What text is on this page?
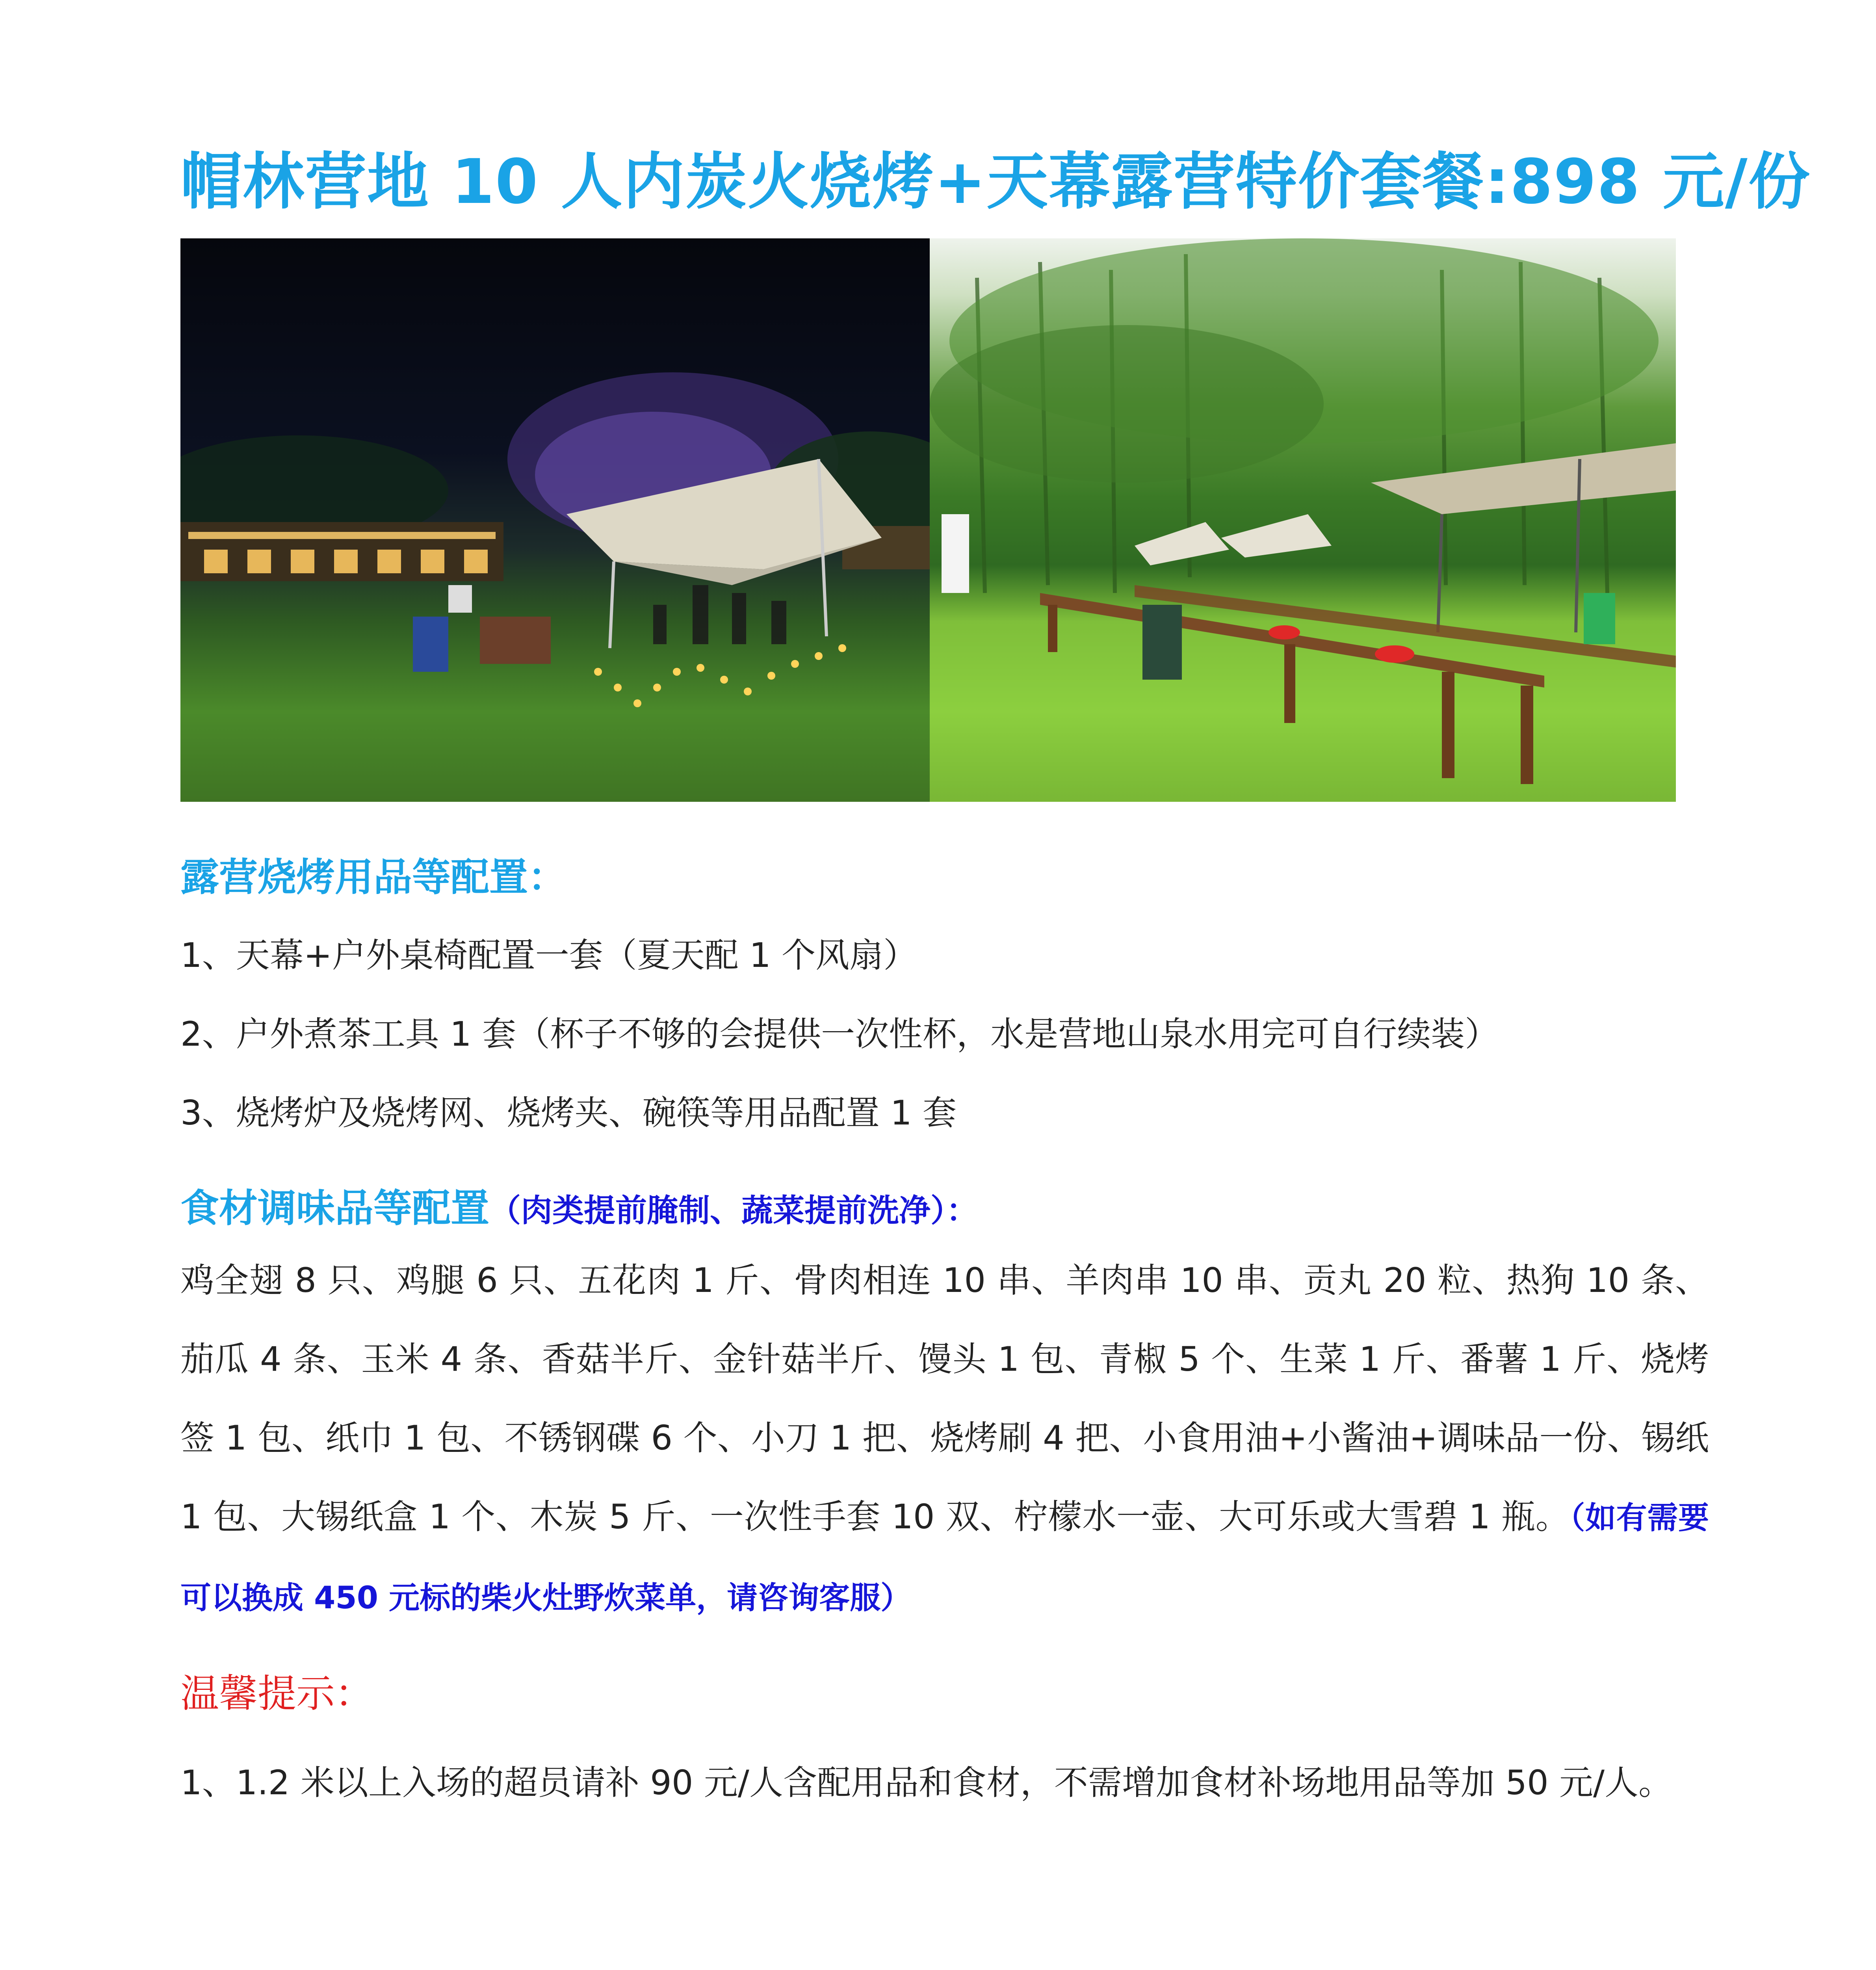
帽林营地 10 人内炭火烧烤+天幕露营特价套餐:898 元/份
露营烧烤用品等配置：
1、天幕+户外桌椅配置一套（夏天配 1 个风扇）
2、户外煮茶工具 1 套（杯子不够的会提供一次性杯，水是营地山泉水用完可自行续装）
3、烧烤炉及烧烤网、烧烤夹、碗筷等用品配置 1 套
食材调味品等配置（肉类提前腌制、蔬菜提前洗净）：
鸡全翅 8 只、鸡腿 6 只、五花肉 1 斤、骨肉相连 10 串、羊肉串 10 串、贡丸 20 粒、热狗 10 条、茄瓜 4 条、玉米 4 条、香菇半斤、金针菇半斤、馒头 1 包、青椒 5 个、生菜 1 斤、番薯 1 斤、烧烤签 1 包、纸巾 1 包、不锈钢碟 6 个、小刀 1 把、烧烤刷 4 把、小食用油+小酱油+调味品一份、锡纸 1 包、大锡纸盒 1 个、木炭 5 斤、一次性手套 10 双、柠檬水一壶、大可乐或大雪碧 1 瓶。（如有需要可以换成 450 元标的柴火灶野炊菜单，请咨询客服）
温馨提示：
1、1.2 米以上入场的超员请补 90 元/人含配用品和食材，不需增加食材补场地用品等加 50 元/人。
